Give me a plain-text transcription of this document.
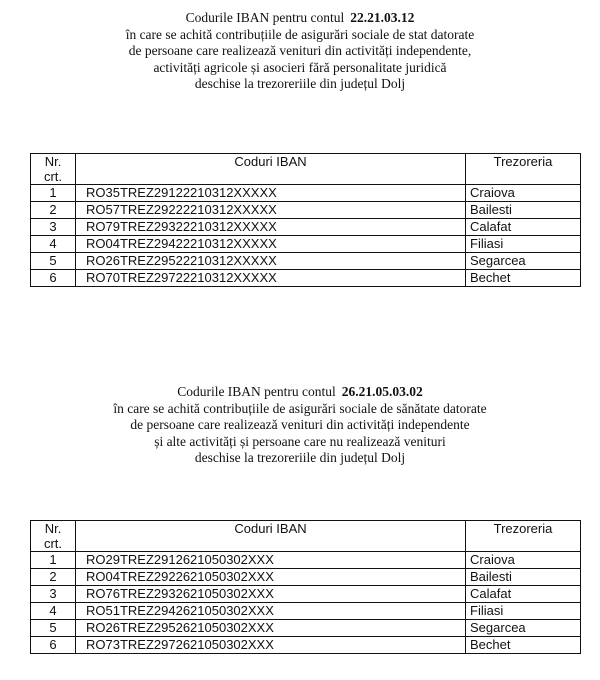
Codurile IBAN pentru contul 22.21.03.12
în care se achită contribuțiile de asigurări sociale de stat datorate
de persoane care realizează venituri din activități independente,
activități agricole și asocieri fără personalitate juridică
deschise la trezoreriile din județul Dolj
Nr.
crt.	Coduri IBAN	Trezoreria
1	RO35TREZ29122210312XXXXX	Craiova
2	RO57TREZ29222210312XXXXX	Bailesti
3	RO79TREZ29322210312XXXXX	Calafat
4	RO04TREZ29422210312XXXXX	Filiasi
5	RO26TREZ29522210312XXXXX	Segarcea
6	RO70TREZ29722210312XXXXX	Bechet
Codurile IBAN pentru contul 26.21.05.03.02
în care se achită contribuțiile de asigurări sociale de sănătate datorate
de persoane care realizează venituri din activități independente
și alte activități și persoane care nu realizează venituri
deschise la trezoreriile din județul Dolj
Nr.
crt.	Coduri IBAN	Trezoreria
1	RO29TREZ2912621050302XXX	Craiova
2	RO04TREZ2922621050302XXX	Bailesti
3	RO76TREZ2932621050302XXX	Calafat
4	RO51TREZ2942621050302XXX	Filiasi
5	RO26TREZ2952621050302XXX	Segarcea
6	RO73TREZ2972621050302XXX	Bechet
